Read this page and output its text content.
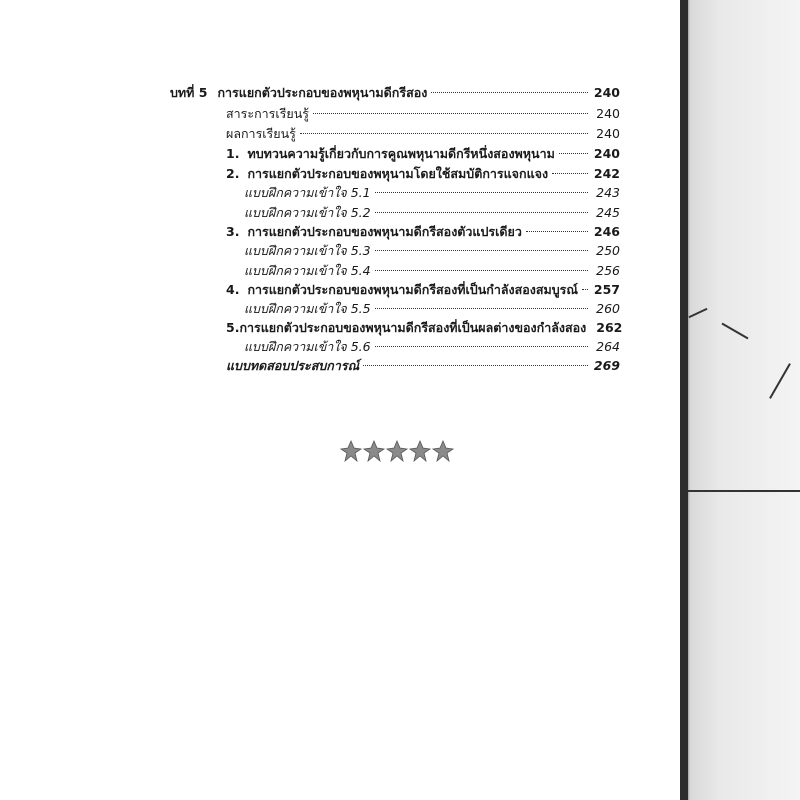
บทที่ 5 การแยกตัวประกอบของพหุนามดีกรีสอง	240
สาระการเรียนรู้	240
ผลการเรียนรู้	240
1. ทบทวนความรู้เกี่ยวกับการคูณพหุนามดีกรีหนึ่งสองพหุนาม	240
2. การแยกตัวประกอบของพหุนามโดยใช้สมบัติการแจกแจง	242
แบบฝึกความเข้าใจ 5.1	243
แบบฝึกความเข้าใจ 5.2	245
3. การแยกตัวประกอบของพหุนามดีกรีสองตัวแปรเดียว	246
แบบฝึกความเข้าใจ 5.3	250
แบบฝึกความเข้าใจ 5.4	256
4. การแยกตัวประกอบของพหุนามดีกรีสองที่เป็นกำลังสองสมบูรณ์ 257
แบบฝึกความเข้าใจ 5.5	260
5. การแยกตัวประกอบของพหุนามดีกรีสองที่เป็นผลต่างของกำลังสอง 262
แบบฝึกความเข้าใจ 5.6	264
แบบทดสอบประสบการณ์	269
